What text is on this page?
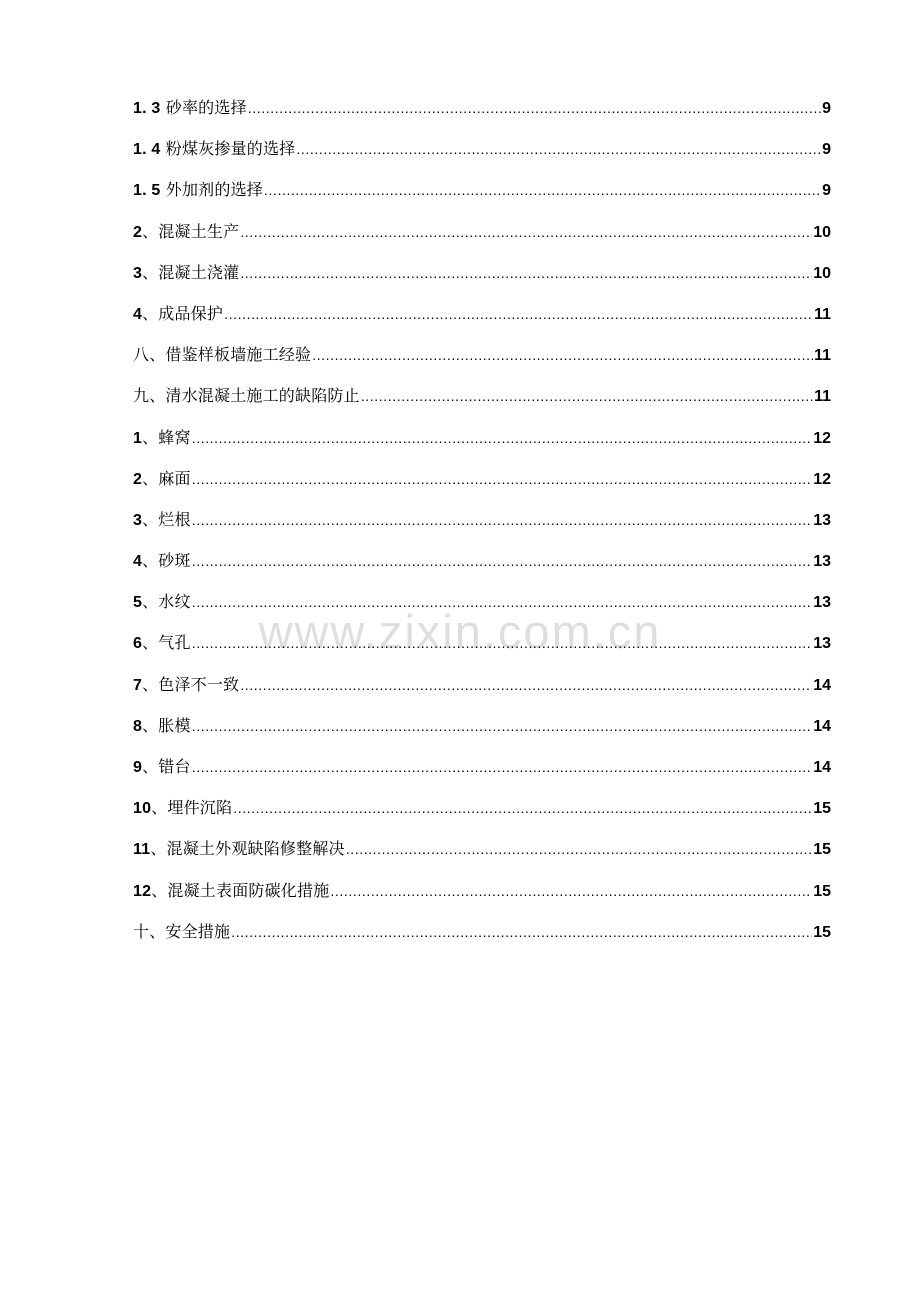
1. 3 砂率的选择 .....	9
1. 4 粉煤灰掺量的选择 .....	9
1. 5 外加剂的选择 .....	9
2、混凝土生产 .....	10
3、混凝土浇灌 .....	10
4、成品保护 .....	11
八、借鉴样板墙施工经验 .....	11
九、清水混凝土施工的缺陷防止 .....	11
1、蜂窝 .....	12
2、麻面 .....	12
3、烂根 .....	13
4、砂斑 .....	13
5、水纹 .....	13
6、气孔 .....	13
7、色泽不一致 .....	14
8、胀模 .....	14
9、错台 .....	14
10、埋件沉陷 .....	15
11、混凝土外观缺陷修整解决 .....	15
12、混凝土表面防碳化措施 .....	15
十、安全措施 .....	15
www.zixin.com.cn
